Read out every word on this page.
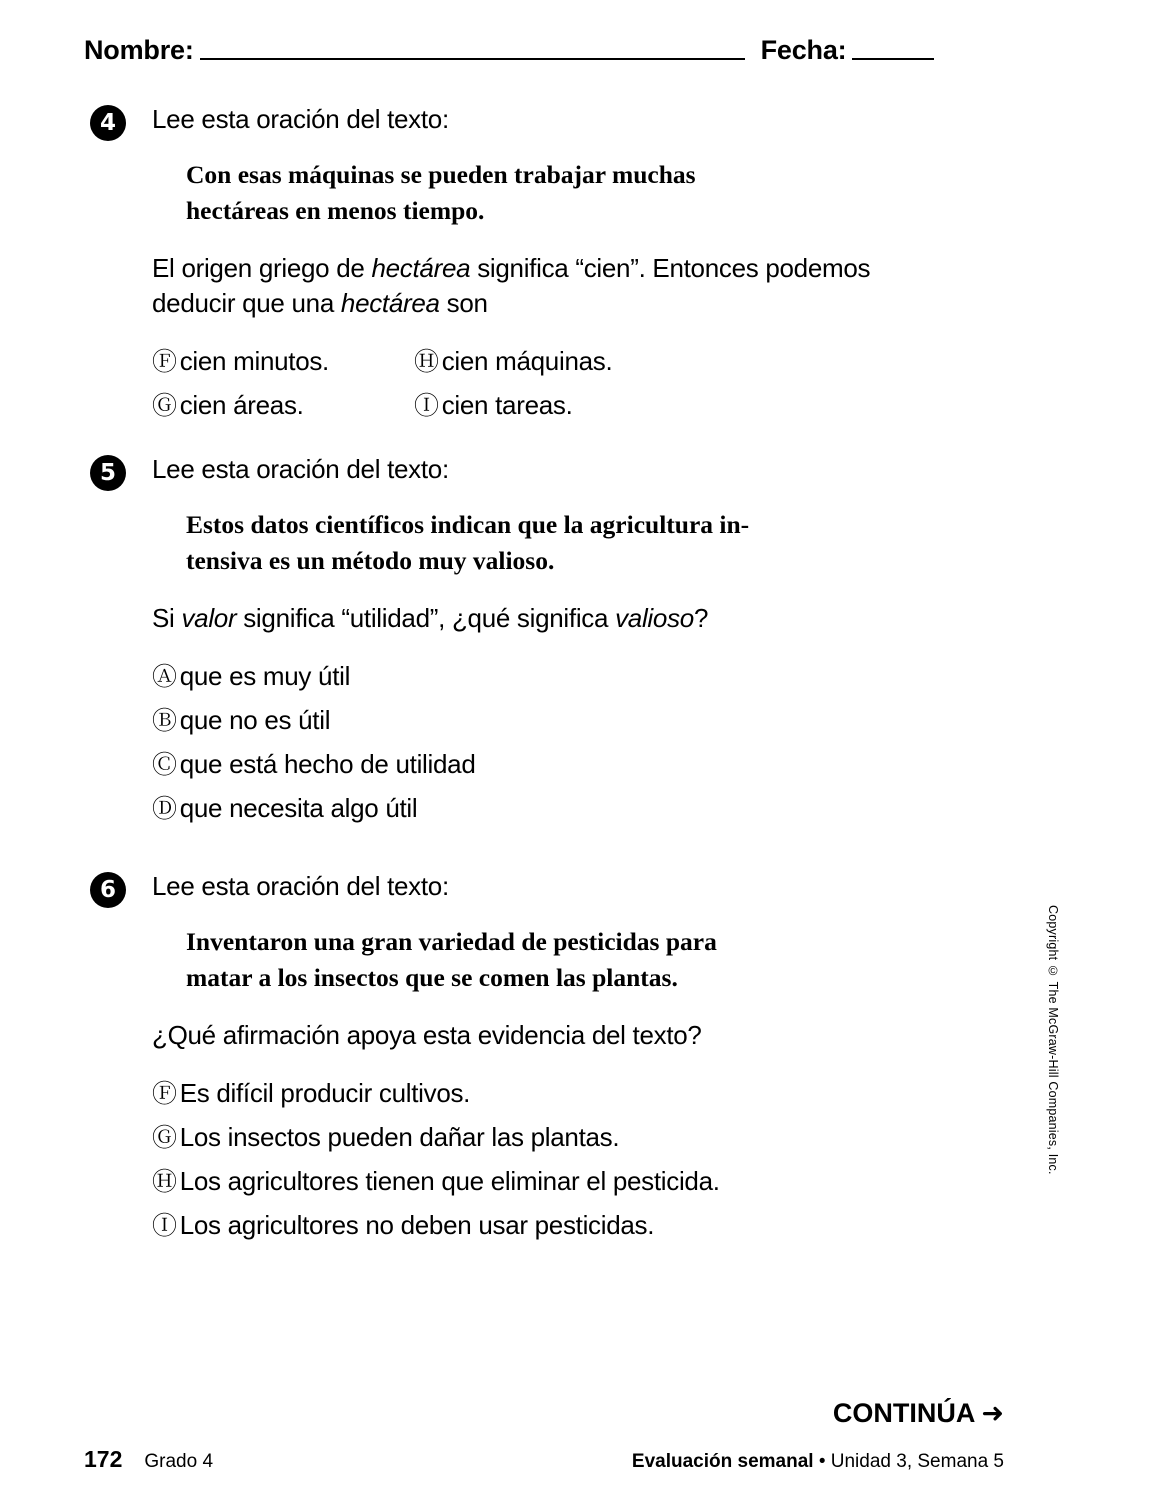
Nombre:	Fecha:
4	Lee esta oración del texto:
Con esas máquinas se pueden trabajar muchas
hectáreas en menos tiempo.
El origen griego de hectárea significa “cien”. Entonces podemos deducir que una hectárea son
Ⓕ cien minutos.	Ⓗ cien máquinas.
Ⓖ cien áreas.	Ⓘ cien tareas.
5	Lee esta oración del texto:
Estos datos científicos indican que la agricultura in-
tensiva es un método muy valioso.
Si valor significa “utilidad”, ¿qué significa valioso?
Ⓐ que es muy útil
Ⓑ que no es útil
Ⓒ que está hecho de utilidad
Ⓓ que necesita algo útil
6	Lee esta oración del texto:
Inventaron una gran variedad de pesticidas para
matar a los insectos que se comen las plantas.
¿Qué afirmación apoya esta evidencia del texto?
Ⓕ Es difícil producir cultivos.
Ⓖ Los insectos pueden dañar las plantas.
Ⓗ Los agricultores tienen que eliminar el pesticida.
Ⓘ Los agricultores no deben usar pesticidas.
Copyright © The McGraw-Hill Companies, Inc.
CONTINÚA ➜
172 Grado 4	Evaluación semanal • Unidad 3, Semana 5
